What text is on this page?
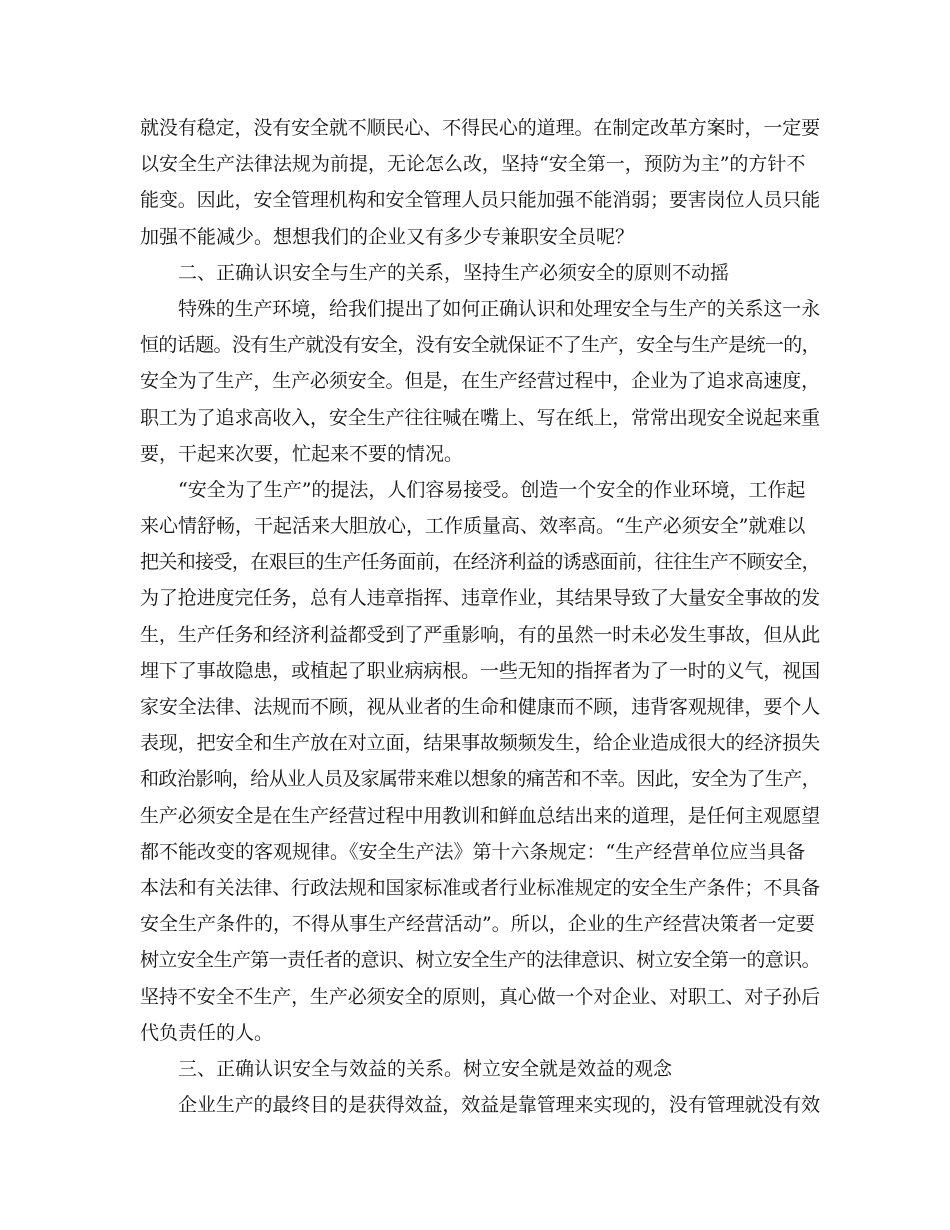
就没有稳定，没有安全就不顺民心、不得民心的道理。在制定改革方案时，一定要
以安全生产法律法规为前提，无论怎么改，坚持“安全第一，预防为主”的方针不
能变。因此，安全管理机构和安全管理人员只能加强不能消弱；要害岗位人员只能
加强不能减少。想想我们的企业又有多少专兼职安全员呢？
二、正确认识安全与生产的关系，坚持生产必须安全的原则不动摇
特殊的生产环境，给我们提出了如何正确认识和处理安全与生产的关系这一永
恒的话题。没有生产就没有安全，没有安全就保证不了生产，安全与生产是统一的，
安全为了生产，生产必须安全。但是，在生产经营过程中，企业为了追求高速度，
职工为了追求高收入，安全生产往往喊在嘴上、写在纸上，常常出现安全说起来重
要，干起来次要，忙起来不要的情况。
“安全为了生产”的提法，人们容易接受。创造一个安全的作业环境，工作起
来心情舒畅，干起活来大胆放心，工作质量高、效率高。“生产必须安全”就难以
把关和接受，在艰巨的生产任务面前，在经济利益的诱惑面前，往往生产不顾安全，
为了抢进度完任务，总有人违章指挥、违章作业，其结果导致了大量安全事故的发
生，生产任务和经济利益都受到了严重影响，有的虽然一时未必发生事故，但从此
埋下了事故隐患，或植起了职业病病根。一些无知的指挥者为了一时的义气，视国
家安全法律、法规而不顾，视从业者的生命和健康而不顾，违背客观规律，要个人
表现，把安全和生产放在对立面，结果事故频频发生，给企业造成很大的经济损失
和政治影响，给从业人员及家属带来难以想象的痛苦和不幸。因此，安全为了生产，
生产必须安全是在生产经营过程中用教训和鲜血总结出来的道理，是任何主观愿望
都不能改变的客观规律。《安全生产法》第十六条规定：“生产经营单位应当具备
本法和有关法律、行政法规和国家标准或者行业标准规定的安全生产条件；不具备
安全生产条件的，不得从事生产经营活动”。所以，企业的生产经营决策者一定要
树立安全生产第一责任者的意识、树立安全生产的法律意识、树立安全第一的意识。
坚持不安全不生产，生产必须安全的原则，真心做一个对企业、对职工、对子孙后
代负责任的人。
三、正确认识安全与效益的关系。树立安全就是效益的观念
企业生产的最终目的是获得效益，效益是靠管理来实现的，没有管理就没有效
